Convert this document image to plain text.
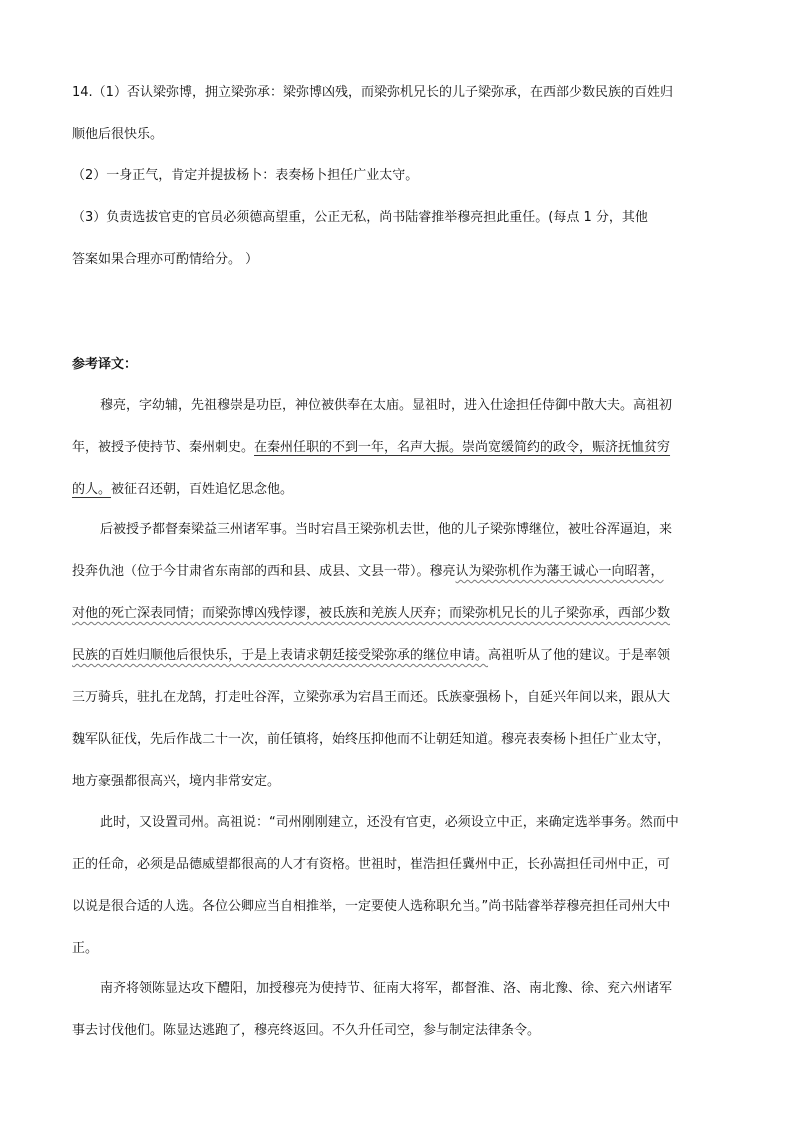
14.（1）否认梁弥博，拥立梁弥承：梁弥博凶残，而梁弥机兄长的儿子梁弥承，在西部少数民族的百姓归
顺他后很快乐。
（2）一身正气，肯定并提拔杨卜：表奏杨卜担任广业太守。
（3）负责选拔官吏的官员必须德高望重，公正无私，尚书陆睿推举穆亮担此重任。(每点 1 分，其他
答案如果合理亦可酌情给分。 ）
参考译文：
穆亮，字幼辅，先祖穆崇是功臣，神位被供奉在太庙。显祖时，进入仕途担任侍御中散大夫。高祖初
年，被授予使持节、秦州刺史。在秦州任职的不到一年，名声大振。崇尚宽缓简约的政令，赈济抚恤贫穷
的人。被征召还朝，百姓追忆思念他。
后被授予都督秦梁益三州诸军事。当时宕昌王梁弥机去世，他的儿子梁弥博继位，被吐谷浑逼迫，来
投奔仇池（位于今甘肃省东南部的西和县、成县、文县一带）。穆亮认为梁弥机作为藩王诚心一向昭著，
对他的死亡深表同情；而梁弥博凶残悖谬，被氐族和羌族人厌弃；而梁弥机兄长的儿子梁弥承，西部少数
民族的百姓归顺他后很快乐，于是上表请求朝廷接受梁弥承的继位申请。高祖听从了他的建议。于是率领
三万骑兵，驻扎在龙鹄，打走吐谷浑，立梁弥承为宕昌王而还。氐族豪强杨卜，自延兴年间以来，跟从大
魏军队征伐，先后作战二十一次，前任镇将，始终压抑他而不让朝廷知道。穆亮表奏杨卜担任广业太守，
地方豪强都很高兴，境内非常安定。
此时，又设置司州。高祖说：“司州刚刚建立，还没有官吏，必须设立中正，来确定选举事务。然而中
正的任命，必须是品德威望都很高的人才有资格。世祖时，崔浩担任冀州中正，长孙嵩担任司州中正，可
以说是很合适的人选。各位公卿应当自相推举，一定要使人选称职允当。”尚书陆睿举荐穆亮担任司州大中
正。
南齐将领陈显达攻下醴阳，加授穆亮为使持节、征南大将军，都督淮、洛、南北豫、徐、兖六州诸军
事去讨伐他们。陈显达逃跑了，穆亮终返回。不久升任司空，参与制定法律条令。
